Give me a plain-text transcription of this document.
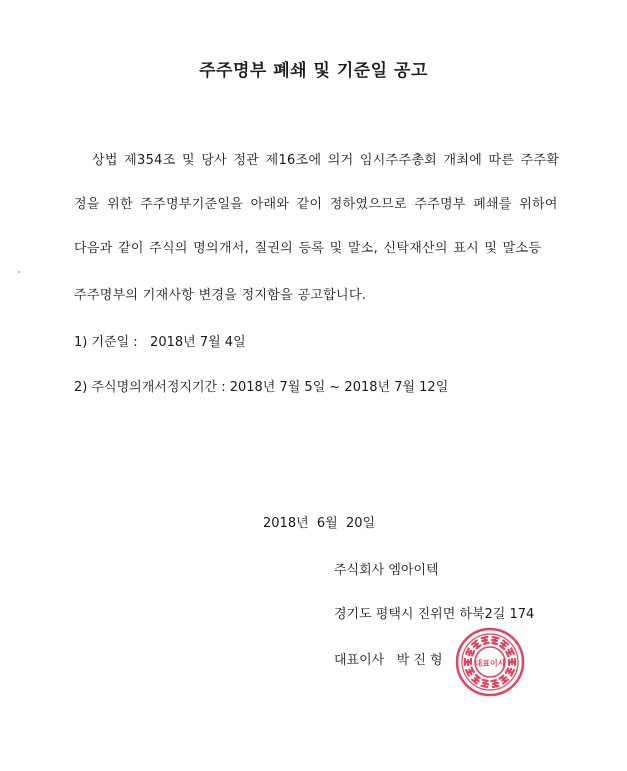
주주명부 폐쇄 및 기준일 공고
상법 제354조 및 당사 정관 제16조에 의거 임시주주총회 개최에 따른 주주확
정을 위한 주주명부기준일을 아래와 같이 정하였으므로 주주명부 폐쇄를 위하여
다음과 같이 주식의 명의개서, 질권의 등록 및 말소, 신탁재산의 표시 및 말소등
주주명부의 기재사항 변경을 정지함을 공고합니다.
1) 기준일 :   2018년 7월 4일
2) 주식명의개서정지기간 : 2018년 7월 5일 ~ 2018년 7월 12일
2018년  6월  20일
주식회사 엠아이텍
경기도 평택시 진위면 하북2길 174
대표이사   박 진 형	대표이사
